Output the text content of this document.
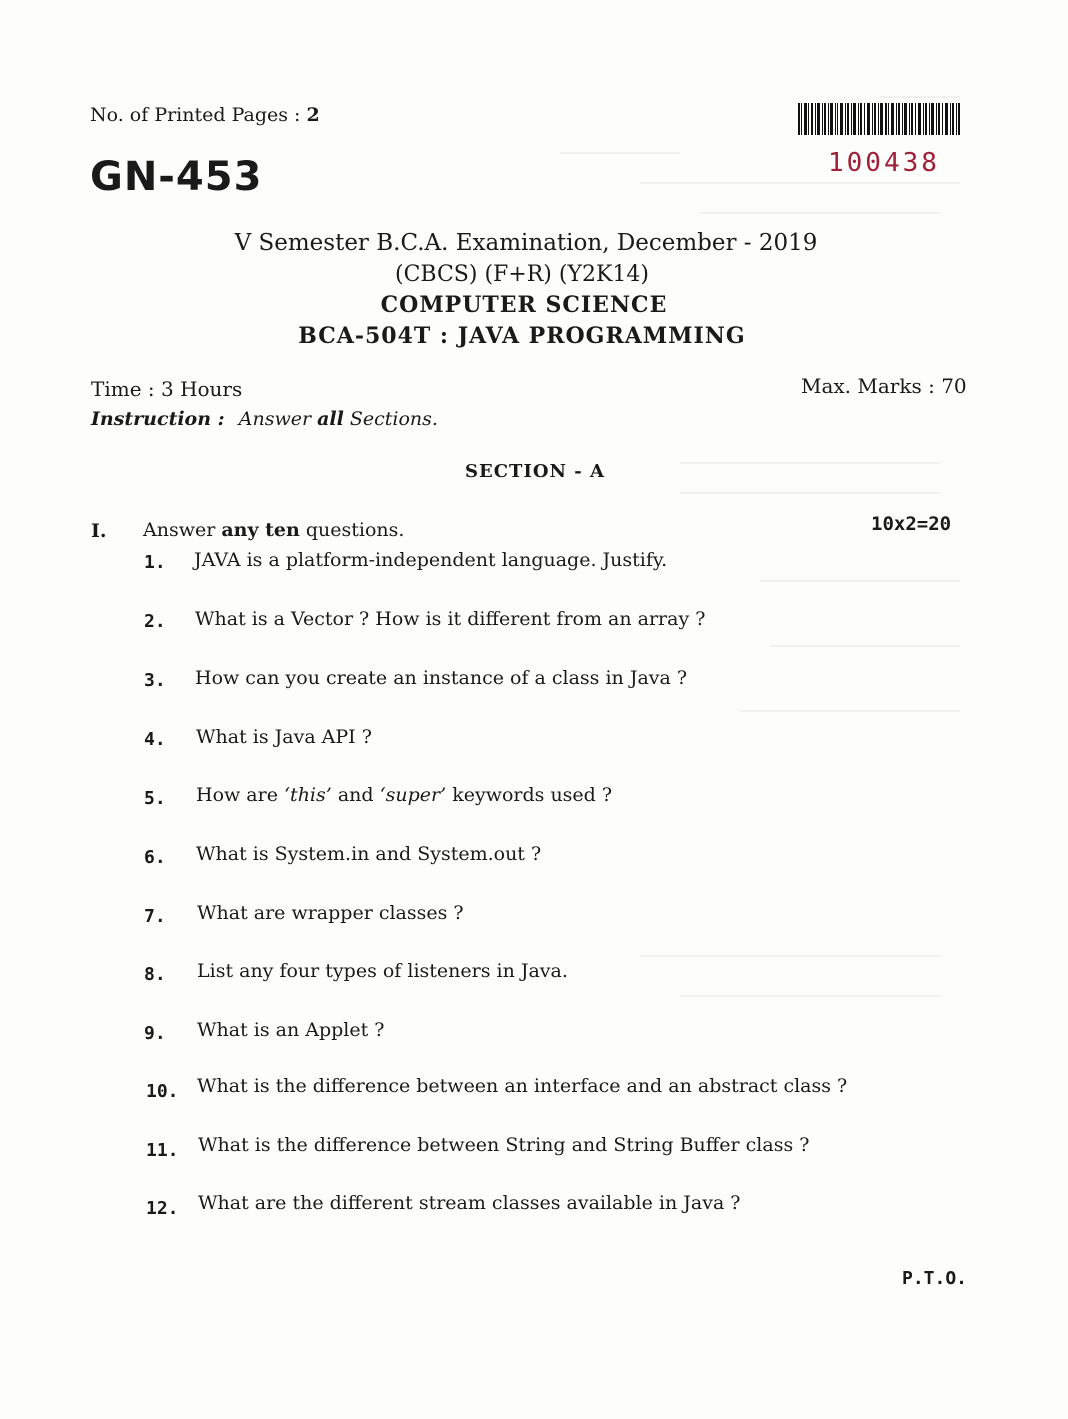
No. of Printed Pages : 2
100438
GN-453
V Semester B.C.A. Examination, December - 2019
(CBCS) (F+R) (Y2K14)
COMPUTER SCIENCE
BCA-504T : JAVA PROGRAMMING
Time : 3 Hours	Max. Marks : 70
Instruction : Answer all Sections.
SECTION - A
I. Answer any ten questions.	10x2=20
1. JAVA is a platform-independent language. Justify.
2. What is a Vector ? How is it different from an array ?
3. How can you create an instance of a class in Java ?
4. What is Java API ?
5. How are ‘this’ and ‘super’ keywords used ?
6. What is System.in and System.out ?
7. What are wrapper classes ?
8. List any four types of listeners in Java.
9. What is an Applet ?
10. What is the difference between an interface and an abstract class ?
11. What is the difference between String and String Buffer class ?
12. What are the different stream classes available in Java ?
P.T.O.
